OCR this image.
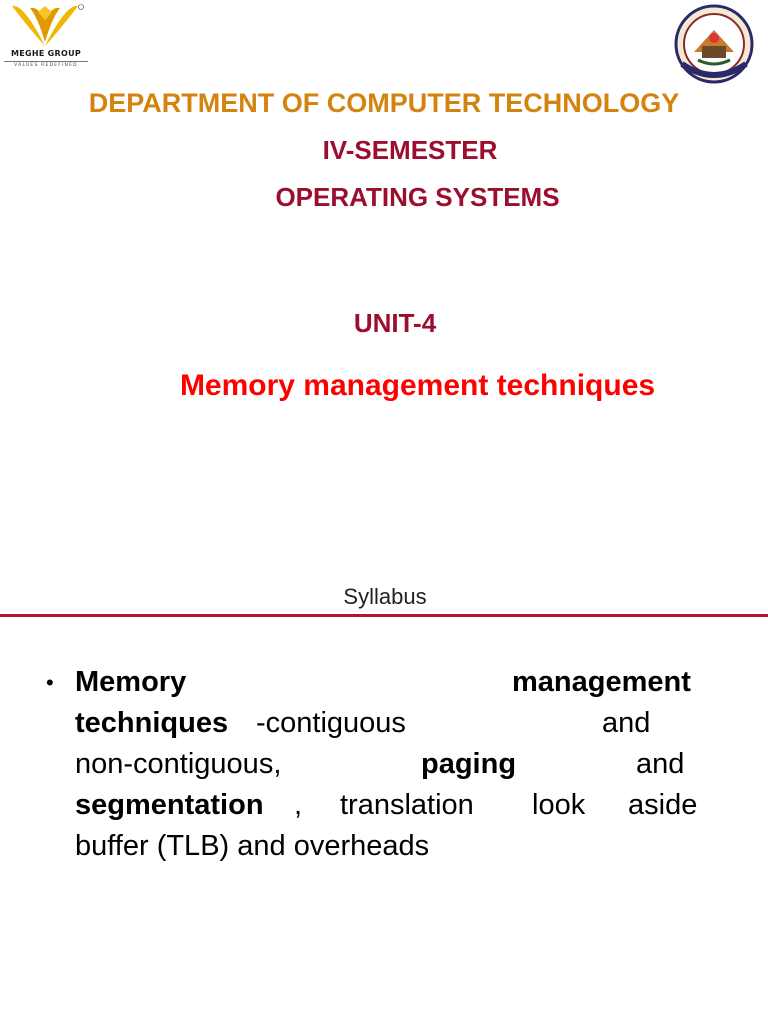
MEGHE GROUP
VALUES REDEFINED
DEPARTMENT OF COMPUTER TECHNOLOGY
IV-SEMESTER
OPERATING SYSTEMS
UNIT-4
Memory management techniques
Syllabus
• Memory	management
techniques -contiguous	and
non-contiguous,	paging	and
segmentation , translation look aside
buffer (TLB) and overheads
